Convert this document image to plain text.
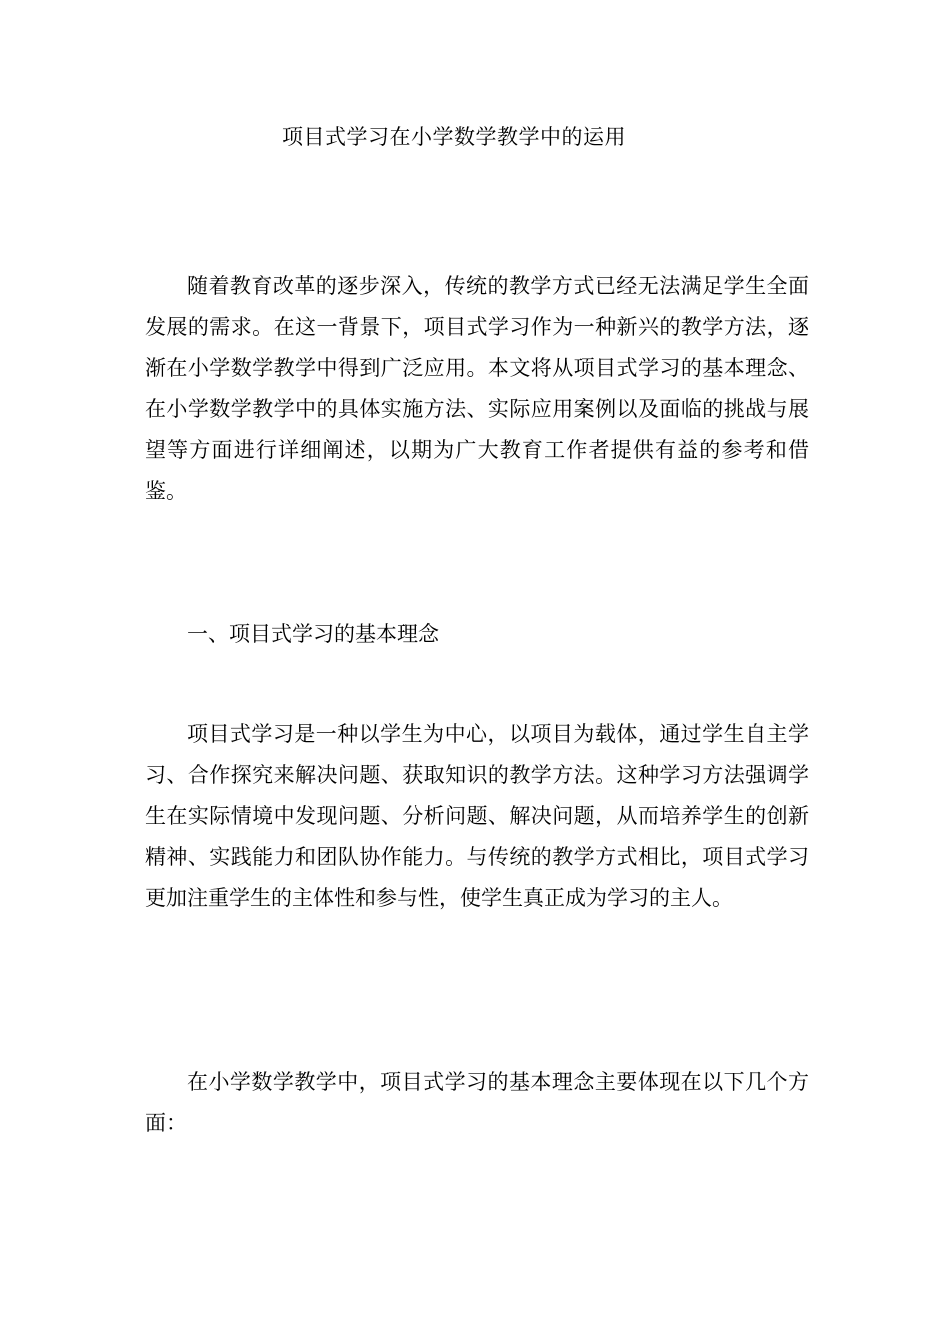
项目式学习在小学数学教学中的运用

随着教育改革的逐步深入，传统的教学方式已经无法满足学生全面发展的需求。在这一背景下，项目式学习作为一种新兴的教学方法，逐渐在小学数学教学中得到广泛应用。本文将从项目式学习的基本理念、在小学数学教学中的具体实施方法、实际应用案例以及面临的挑战与展望等方面进行详细阐述，以期为广大教育工作者提供有益的参考和借鉴。

一、项目式学习的基本理念

项目式学习是一种以学生为中心，以项目为载体，通过学生自主学习、合作探究来解决问题、获取知识的教学方法。这种学习方法强调学生在实际情境中发现问题、分析问题、解决问题，从而培养学生的创新精神、实践能力和团队协作能力。与传统的教学方式相比，项目式学习更加注重学生的主体性和参与性，使学生真正成为学习的主人。

在小学数学教学中，项目式学习的基本理念主要体现在以下几个方面：
